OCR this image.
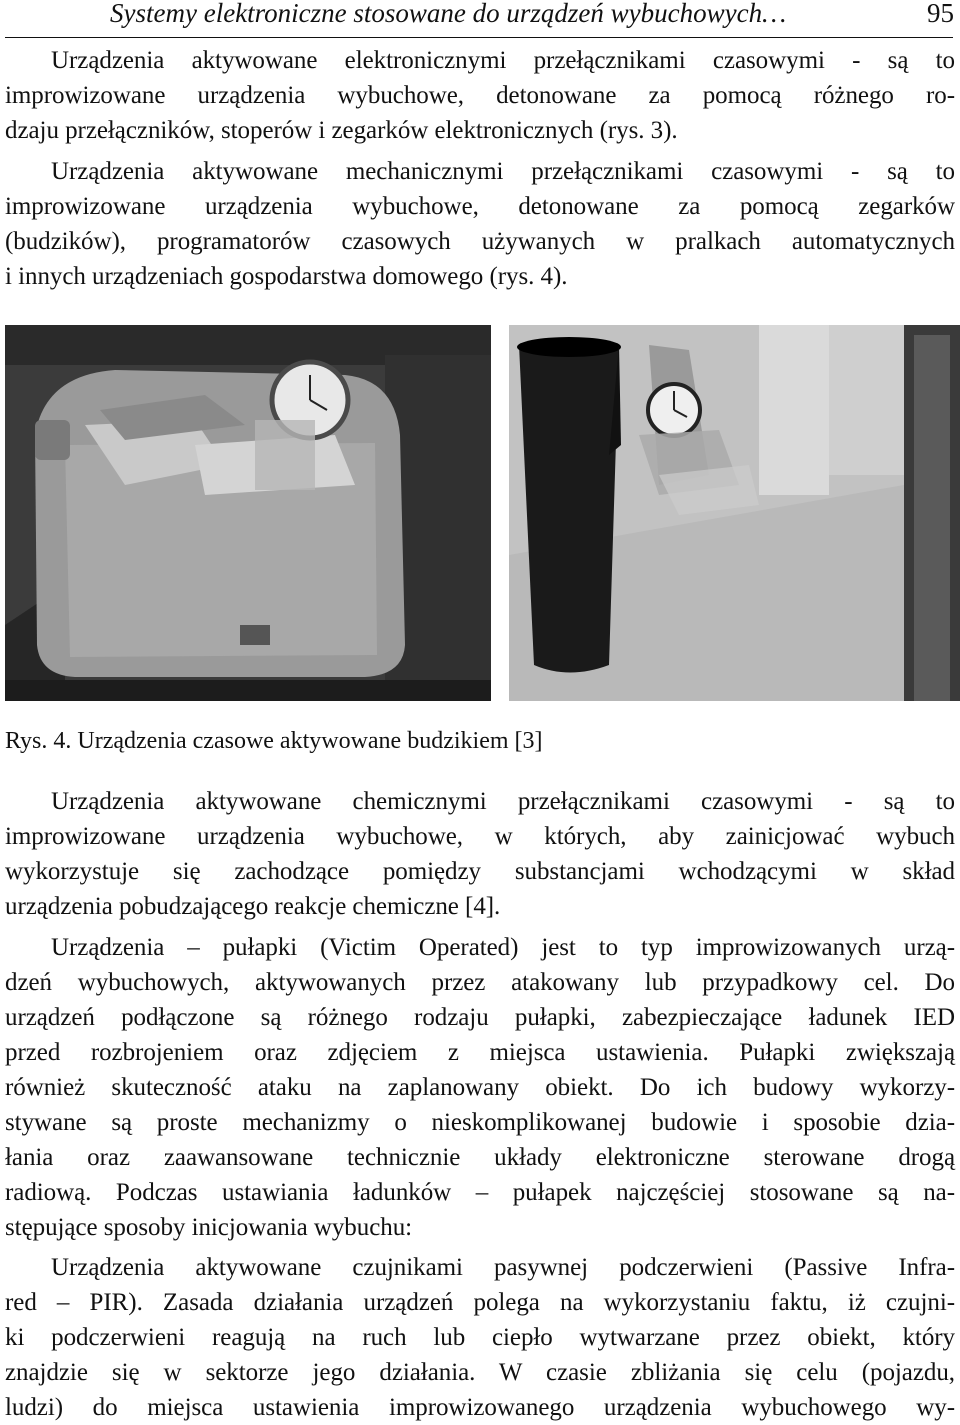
Systemy elektroniczne stosowane do urządzeń wybuchowych…	95
Urządzenia aktywowane elektronicznymi przełącznikami czasowymi - są to
improwizowane urządzenia wybuchowe, detonowane za pomocą różnego ro-
dzaju przełączników, stoperów i zegarków elektronicznych (rys. 3).
Urządzenia aktywowane mechanicznymi przełącznikami czasowymi - są to
improwizowane urządzenia wybuchowe, detonowane za pomocą zegarków
(budzików), programatorów czasowych używanych w pralkach automatycznych
i innych urządzeniach gospodarstwa domowego (rys. 4).
Rys. 4. Urządzenia czasowe aktywowane budzikiem [3]
Urządzenia aktywowane chemicznymi przełącznikami czasowymi - są to
improwizowane urządzenia wybuchowe, w których, aby zainicjować wybuch
wykorzystuje się zachodzące pomiędzy substancjami wchodzącymi w skład
urządzenia pobudzającego reakcje chemiczne [4].
Urządzenia – pułapki (Victim Operated) jest to typ improwizowanych urzą-
dzeń wybuchowych, aktywowanych przez atakowany lub przypadkowy cel. Do
urządzeń podłączone są różnego rodzaju pułapki, zabezpieczające ładunek IED
przed rozbrojeniem oraz zdjęciem z miejsca ustawienia. Pułapki zwiększają
również skuteczność ataku na zaplanowany obiekt. Do ich budowy wykorzy-
stywane są proste mechanizmy o nieskomplikowanej budowie i sposobie dzia-
łania oraz zaawansowane technicznie układy elektroniczne sterowane drogą
radiową. Podczas ustawiania ładunków – pułapek najczęściej stosowane są na-
stępujące sposoby inicjowania wybuchu:
Urządzenia aktywowane czujnikami pasywnej podczerwieni (Passive Infra-
red – PIR). Zasada działania urządzeń polega na wykorzystaniu faktu, iż czujni-
ki podczerwieni reagują na ruch lub ciepło wytwarzane przez obiekt, który
znajdzie się w sektorze jego działania. W czasie zbliżania się celu (pojazdu,
ludzi) do miejsca ustawienia improwizowanego urządzenia wybuchowego wy-
